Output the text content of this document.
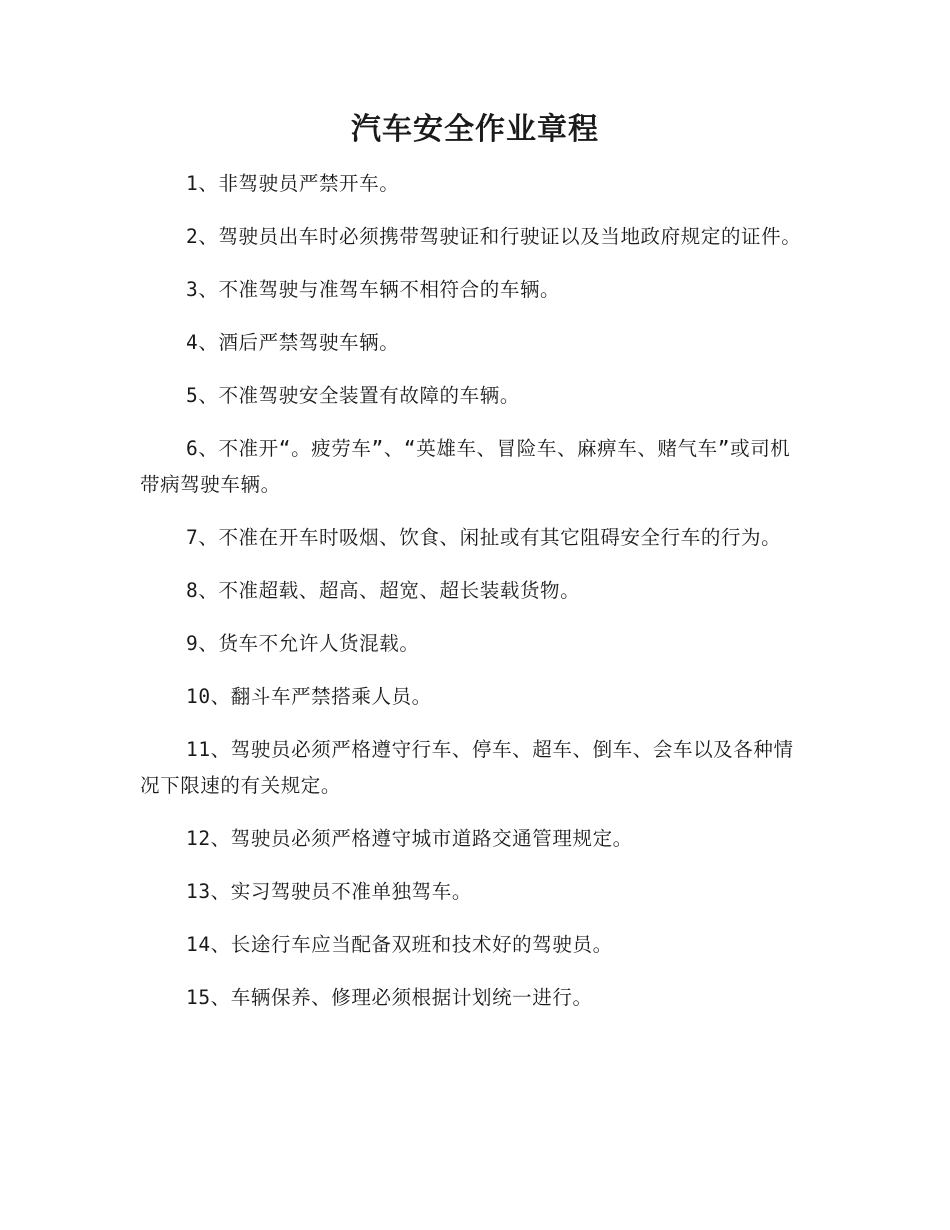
汽车安全作业章程

1、非驾驶员严禁开车。

2、驾驶员出车时必须携带驾驶证和行驶证以及当地政府规定的证件。

3、不准驾驶与准驾车辆不相符合的车辆。

4、酒后严禁驾驶车辆。

5、不准驾驶安全装置有故障的车辆。

6、不准开“。疲劳车”、“英雄车、冒险车、麻痹车、赌气车”或司机带病驾驶车辆。

7、不准在开车时吸烟、饮食、闲扯或有其它阻碍安全行车的行为。

8、不准超载、超高、超宽、超长装载货物。

9、货车不允许人货混载。

10、翻斗车严禁搭乘人员。

11、驾驶员必须严格遵守行车、停车、超车、倒车、会车以及各种情况下限速的有关规定。

12、驾驶员必须严格遵守城市道路交通管理规定。

13、实习驾驶员不准单独驾车。

14、长途行车应当配备双班和技术好的驾驶员。

15、车辆保养、修理必须根据计划统一进行。
